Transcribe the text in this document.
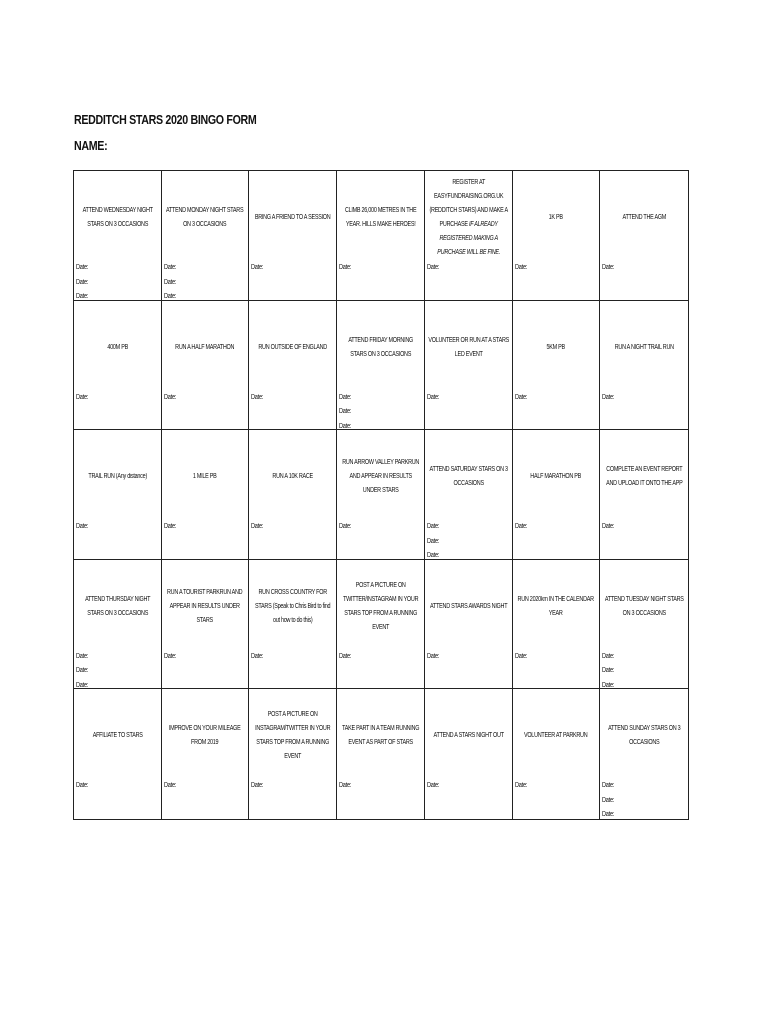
REDDITCH STARS 2020 BINGO FORM
NAME:
ATTEND WEDNESDAY NIGHT STARS ON 3 OCCASIONS
Date:
Date:
Date:
ATTEND MONDAY NIGHT STARS ON 3 OCCASIONS
Date:
Date:
Date:
BRING A FRIEND TO A SESSION
Date:
CLIMB 26,000 METRES IN THE YEAR. HILLS MAKE HEROES!
Date:
REGISTER AT EASYFUNDRAISING.ORG.UK (REDDITCH STARS) AND MAKE A PURCHASE IF ALREADY REGISTERED MAKING A PURCHASE WILL BE FINE.
Date:
1K PB
Date:
ATTEND THE AGM
Date:
400M PB
Date:
RUN A HALF MARATHON
Date:
RUN OUTSIDE OF ENGLAND
Date:
ATTEND FRIDAY MORNING STARS ON 3 OCCASIONS
Date:
Date:
Date:
VOLUNTEER OR RUN AT A STARS LED EVENT
Date:
5KM PB
Date:
RUN A NIGHT TRAIL RUN
Date:
TRAIL RUN (Any distance)
Date:
1 MILE PB
Date:
RUN A 10K RACE
Date:
RUN ARROW VALLEY PARKRUN AND APPEAR IN RESULTS UNDER STARS
Date:
ATTEND SATURDAY STARS ON 3 OCCASIONS
Date:
Date:
Date:
HALF MARATHON PB
Date:
COMPLETE AN EVENT REPORT AND UPLOAD IT ONTO THE APP
Date:
ATTEND THURSDAY NIGHT STARS ON 3 OCCASIONS
Date:
Date:
Date:
RUN A TOURIST PARKRUN AND APPEAR IN RESULTS UNDER STARS
Date:
RUN CROSS COUNTRY FOR STARS (Speak to Chris Bird to find out how to do this)
Date:
POST A PICTURE ON TWITTER/INSTAGRAM IN YOUR STARS TOP FROM A RUNNING EVENT
Date:
ATTEND STARS AWARDS NIGHT
Date:
RUN 2020km IN THE CALENDAR YEAR
Date:
ATTEND TUESDAY NIGHT STARS ON 3 OCCASIONS
Date:
Date:
Date:
AFFILIATE TO STARS
Date:
IMPROVE ON YOUR MILEAGE FROM 2019
Date:
POST A PICTURE ON INSTAGRAM/TWITTER IN YOUR STARS TOP FROM A RUNNING EVENT
Date:
TAKE PART IN A TEAM RUNNING EVENT AS PART OF STARS
Date:
ATTEND A STARS NIGHT OUT
Date:
VOLUNTEER AT PARKRUN
Date:
ATTEND SUNDAY STARS ON 3 OCCASIONS
Date:
Date:
Date:
